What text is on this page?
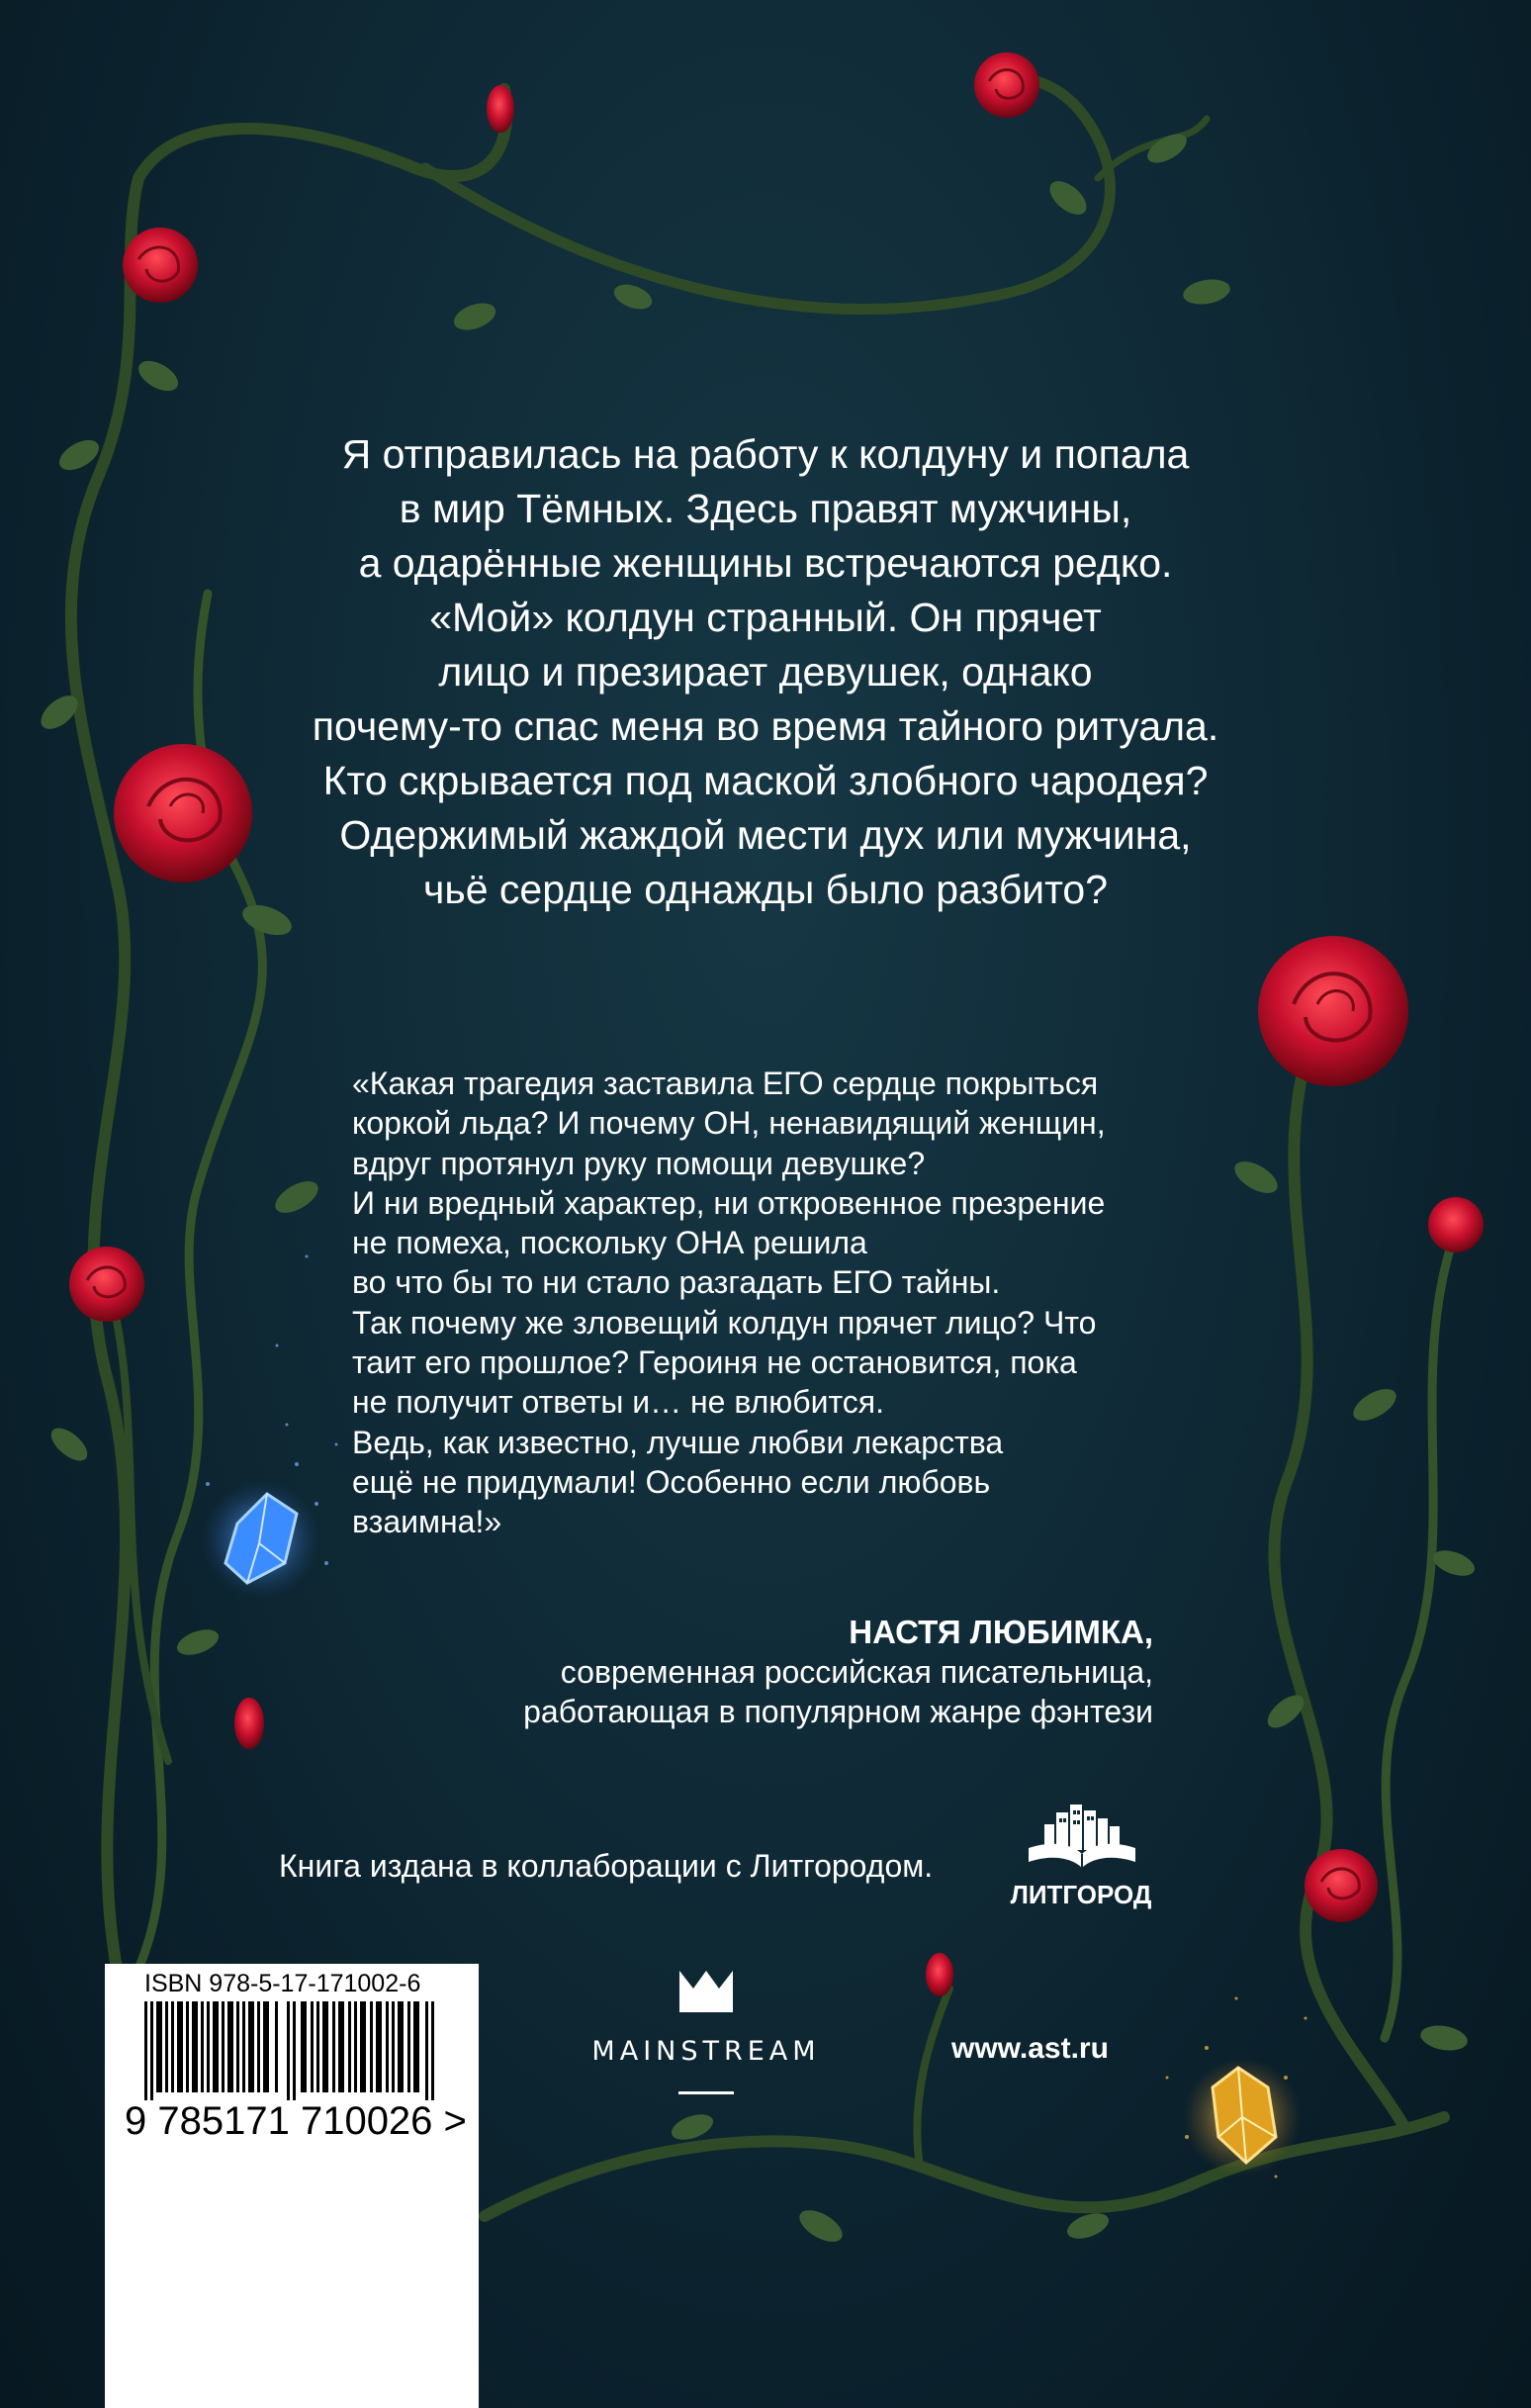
Я отправилась на работу к колдуну и попала
в мир Тёмных. Здесь правят мужчины,
а одарённые женщины встречаются редко.
«Мой» колдун странный. Он прячет
лицо и презирает девушек, однако
почему-то спас меня во время тайного ритуала.
Кто скрывается под маской злобного чародея?
Одержимый жаждой мести дух или мужчина,
чьё сердце однажды было разбито?
«Какая трагедия заставила ЕГО сердце покрыться
коркой льда? И почему ОН, ненавидящий женщин,
вдруг протянул руку помощи девушке?
И ни вредный характер, ни откровенное презрение
не помеха, поскольку ОНА решила
во что бы то ни стало разгадать ЕГО тайны.
Так почему же зловещий колдун прячет лицо? Что
таит его прошлое? Героиня не остановится, пока
не получит ответы и… не влюбится.
Ведь, как известно, лучше любви лекарства
ещё не придумали! Особенно если любовь
взаимна!»
НАСТЯ ЛЮБИМКА,
современная российская писательница,
работающая в популярном жанре фэнтези
Книга издана в коллаборации с Литгородом.
ЛИТГОРОД
ISBN 978-5-17-171002-6
9 785171 710026 >
MAINSTREAM	www.ast.ru
